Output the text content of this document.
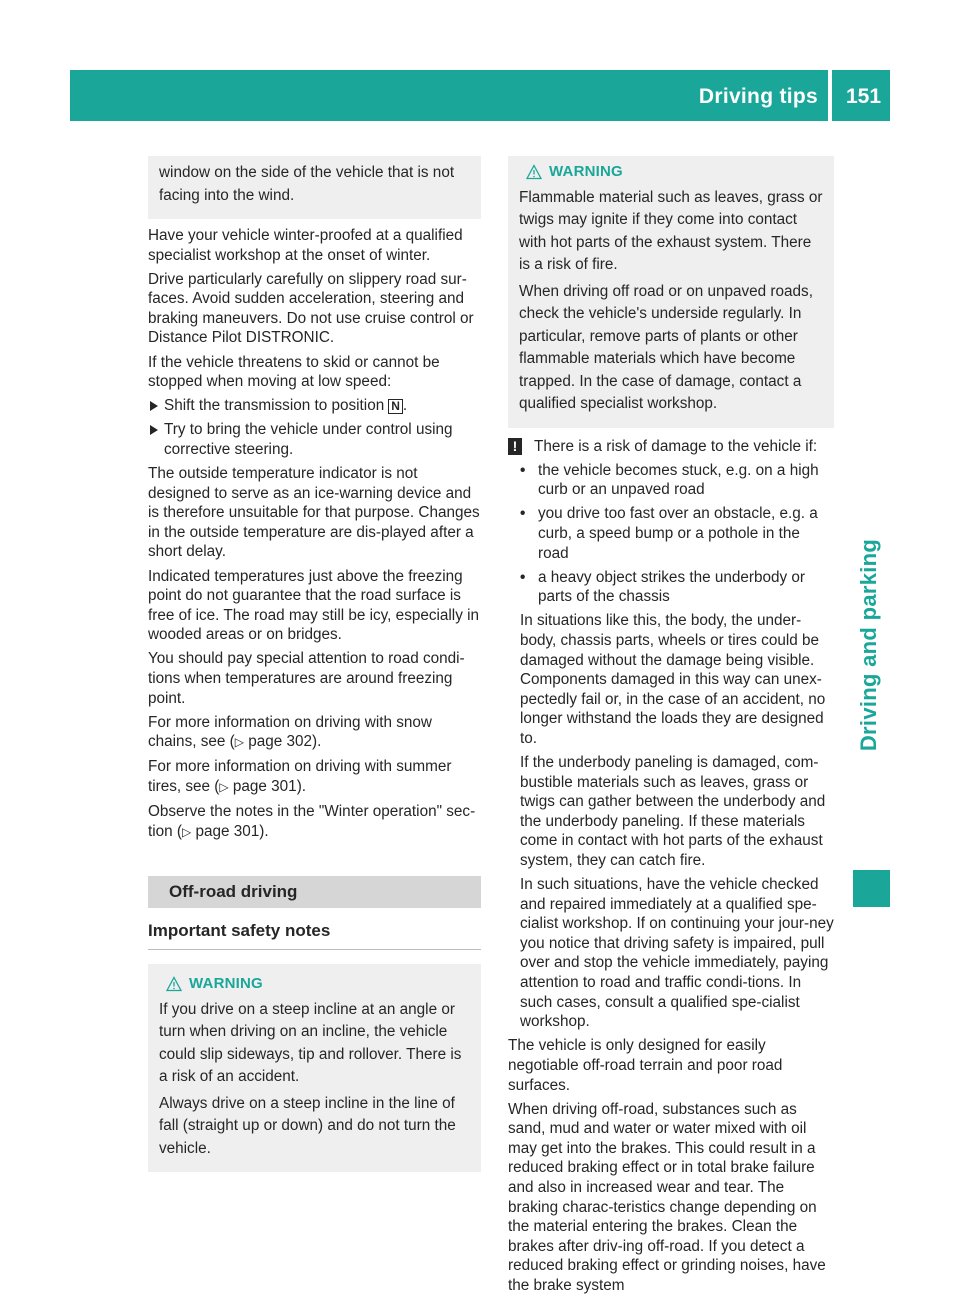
Driving tips 151
Driving and parking

window on the side of the vehicle that is not facing into the wind.

Have your vehicle winter-proofed at a qualified specialist workshop at the onset of winter.

Drive particularly carefully on slippery road sur-faces. Avoid sudden acceleration, steering and braking maneuvers. Do not use cruise control or Distance Pilot DISTRONIC.

If the vehicle threatens to skid or cannot be stopped when moving at low speed:

Shift the transmission to position N .
Try to bring the vehicle under control using corrective steering.

The outside temperature indicator is not designed to serve as an ice-warning device and is therefore unsuitable for that purpose. Changes in the outside temperature are dis-played after a short delay.

Indicated temperatures just above the freezing point do not guarantee that the road surface is free of ice. The road may still be icy, especially in wooded areas or on bridges.

You should pay special attention to road condi-tions when temperatures are around freezing point.

For more information on driving with snow chains, see (▷ page 302).

For more information on driving with summer tires, see (▷ page 301).

Observe the notes in the "Winter operation" sec-tion (▷ page 301).

Off-road driving
Important safety notes
WARNING

If you drive on a steep incline at an angle or turn when driving on an incline, the vehicle could slip sideways, tip and rollover. There is a risk of an accident.

Always drive on a steep incline in the line of fall (straight up or down) and do not turn the vehicle.

WARNING

Flammable material such as leaves, grass or twigs may ignite if they come into contact with hot parts of the exhaust system. There is a risk of fire.

When driving off road or on unpaved roads, check the vehicle's underside regularly. In particular, remove parts of plants or other flammable materials which have become trapped. In the case of damage, contact a qualified specialist workshop.

!	There is a risk of damage to the vehicle if:
• the vehicle becomes stuck, e.g. on a high curb or an unpaved road
• you drive too fast over an obstacle, e.g. a curb, a speed bump or a pothole in the road
• a heavy object strikes the underbody or parts of the chassis

In situations like this, the body, the under-body, chassis parts, wheels or tires could be damaged without the damage being visible. Components damaged in this way can unex-pectedly fail or, in the case of an accident, no longer withstand the loads they are designed to.

If the underbody paneling is damaged, com-bustible materials such as leaves, grass or twigs can gather between the underbody and the underbody paneling. If these materials come in contact with hot parts of the exhaust system, they can catch fire.

In such situations, have the vehicle checked and repaired immediately at a qualified spe-cialist workshop. If on continuing your jour-ney you notice that driving safety is impaired, pull over and stop the vehicle immediately, paying attention to road and traffic condi-tions. In such cases, consult a qualified spe-cialist workshop.

The vehicle is only designed for easily negotiable off-road terrain and poor road surfaces.

When driving off-road, substances such as sand, mud and water or water mixed with oil may get into the brakes. This could result in a reduced braking effect or in total brake failure and also in increased wear and tear. The braking charac-teristics change depending on the material entering the brakes. Clean the brakes after driv-ing off-road. If you detect a reduced braking effect or grinding noises, have the brake system
